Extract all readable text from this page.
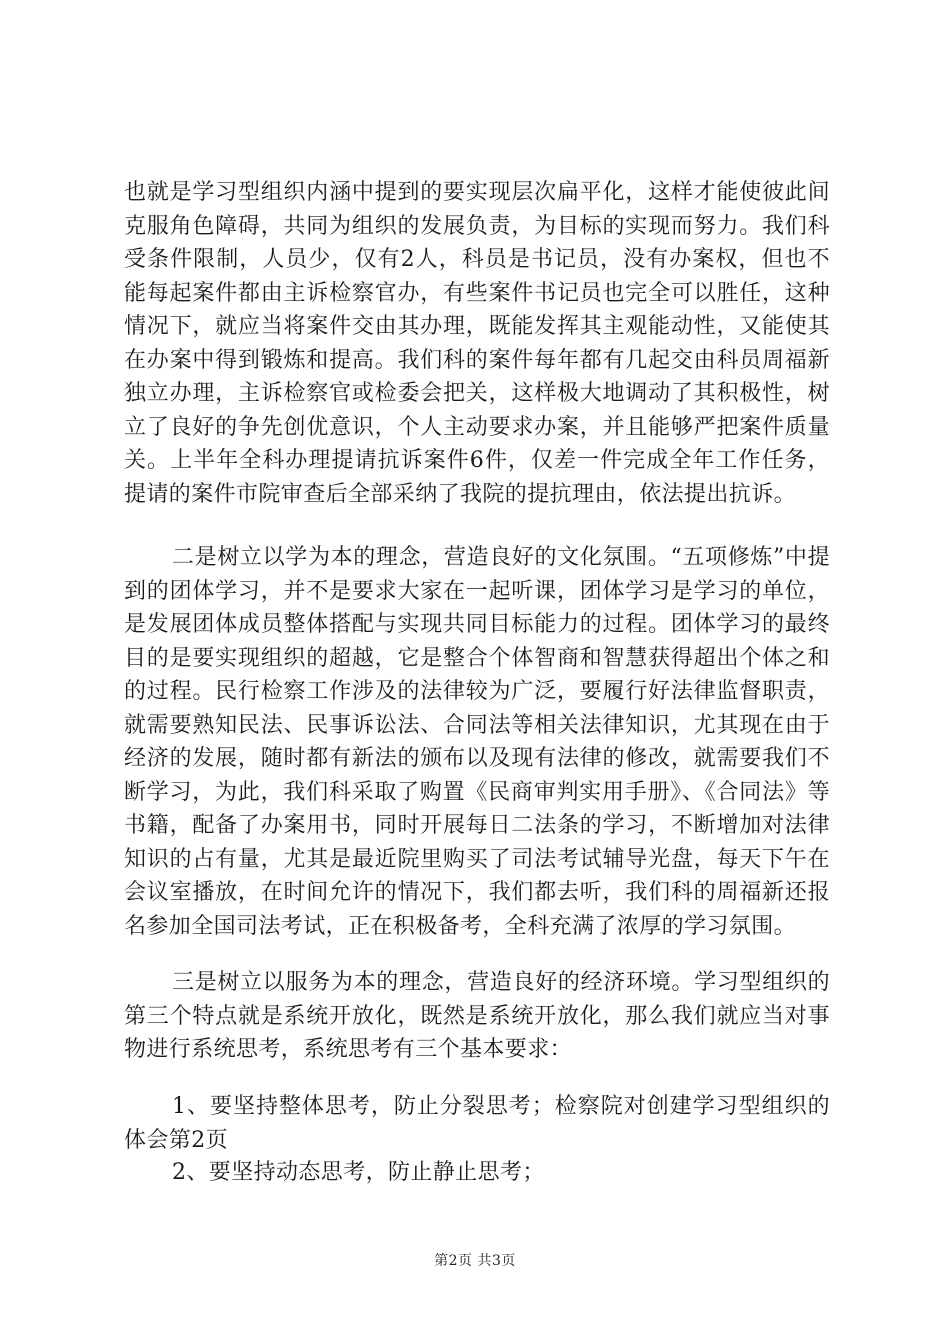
也就是学习型组织内涵中提到的要实现层次扁平化，这样才能使彼此间克服角色障碍，共同为组织的发展负责，为目标的实现而努力。我们科受条件限制，人员少，仅有2人，科员是书记员，没有办案权，但也不能每起案件都由主诉检察官办，有些案件书记员也完全可以胜任，这种情况下，就应当将案件交由其办理，既能发挥其主观能动性，又能使其在办案中得到锻炼和提高。我们科的案件每年都有几起交由科员周福新独立办理，主诉检察官或检委会把关，这样极大地调动了其积极性，树立了良好的争先创优意识，个人主动要求办案，并且能够严把案件质量关。上半年全科办理提请抗诉案件6件，仅差一件完成全年工作任务，提请的案件市院审查后全部采纳了我院的提抗理由，依法提出抗诉。

二是树立以学为本的理念，营造良好的文化氛围。“五项修炼”中提到的团体学习，并不是要求大家在一起听课，团体学习是学习的单位，是发展团体成员整体搭配与实现共同目标能力的过程。团体学习的最终目的是要实现组织的超越，它是整合个体智商和智慧获得超出个体之和的过程。民行检察工作涉及的法律较为广泛，要履行好法律监督职责，就需要熟知民法、民事诉讼法、合同法等相关法律知识，尤其现在由于经济的发展，随时都有新法的颁布以及现有法律的修改，就需要我们不断学习，为此，我们科采取了购置《民商审判实用手册》、《合同法》等书籍，配备了办案用书，同时开展每日二法条的学习，不断增加对法律知识的占有量，尤其是最近院里购买了司法考试辅导光盘，每天下午在会议室播放，在时间允许的情况下，我们都去听，我们科的周福新还报名参加全国司法考试，正在积极备考，全科充满了浓厚的学习氛围。

三是树立以服务为本的理念，营造良好的经济环境。学习型组织的第三个特点就是系统开放化，既然是系统开放化，那么我们就应当对事物进行系统思考，系统思考有三个基本要求：

1、要坚持整体思考，防止分裂思考；检察院对创建学习型组织的体会第2页

2、要坚持动态思考，防止静止思考；

第2页 共3页
